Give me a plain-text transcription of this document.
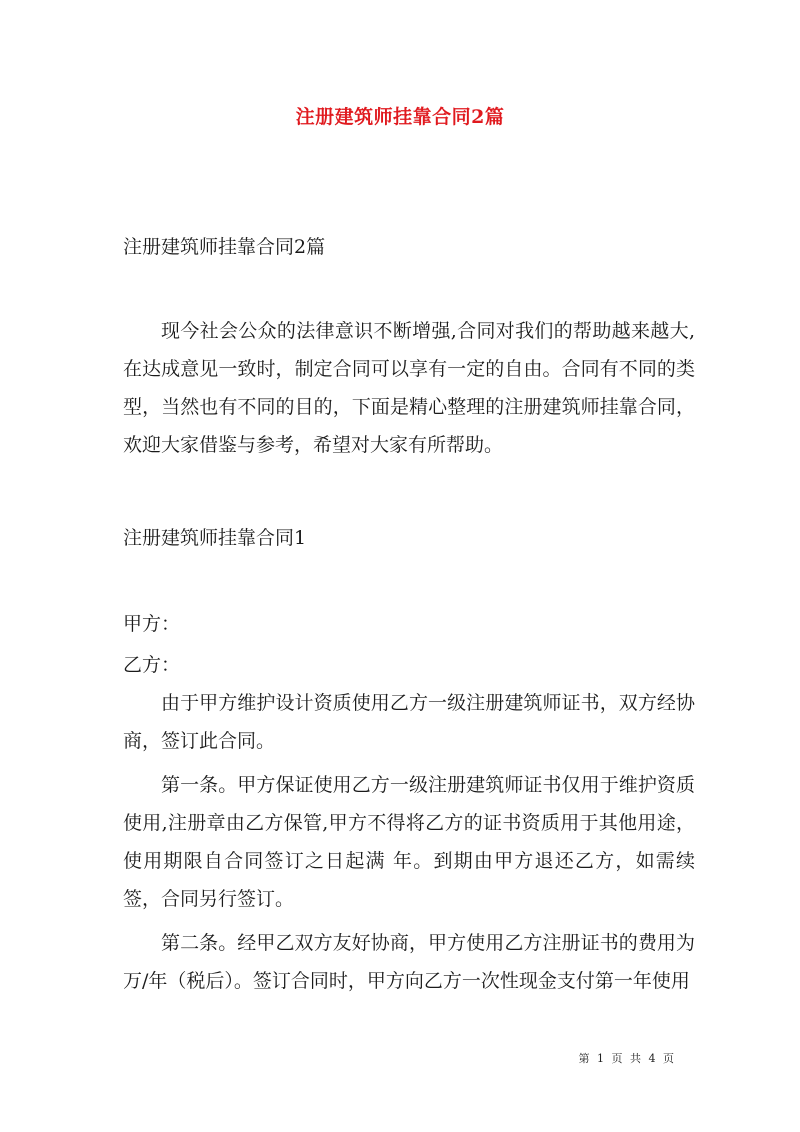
注册建筑师挂靠合同2篇

注册建筑师挂靠合同2篇

现今社会公众的法律意识不断增强,合同对我们的帮助越来越大,在达成意见一致时，制定合同可以享有一定的自由。合同有不同的类型，当然也有不同的目的，下面是精心整理的注册建筑师挂靠合同，欢迎大家借鉴与参考，希望对大家有所帮助。

注册建筑师挂靠合同1

甲方：

乙方：

由于甲方维护设计资质使用乙方一级注册建筑师证书，双方经协商，签订此合同。

第一条。甲方保证使用乙方一级注册建筑师证书仅用于维护资质使用,注册章由乙方保管,甲方不得将乙方的证书资质用于其他用途，使用期限自合同签订之日起满 年。到期由甲方退还乙方，如需续签，合同另行签订。

第二条。经甲乙双方友好协商，甲方使用乙方注册证书的费用为万/年（税后）。签订合同时，甲方向乙方一次性现金支付第一年使用

第 1 页 共 4 页
